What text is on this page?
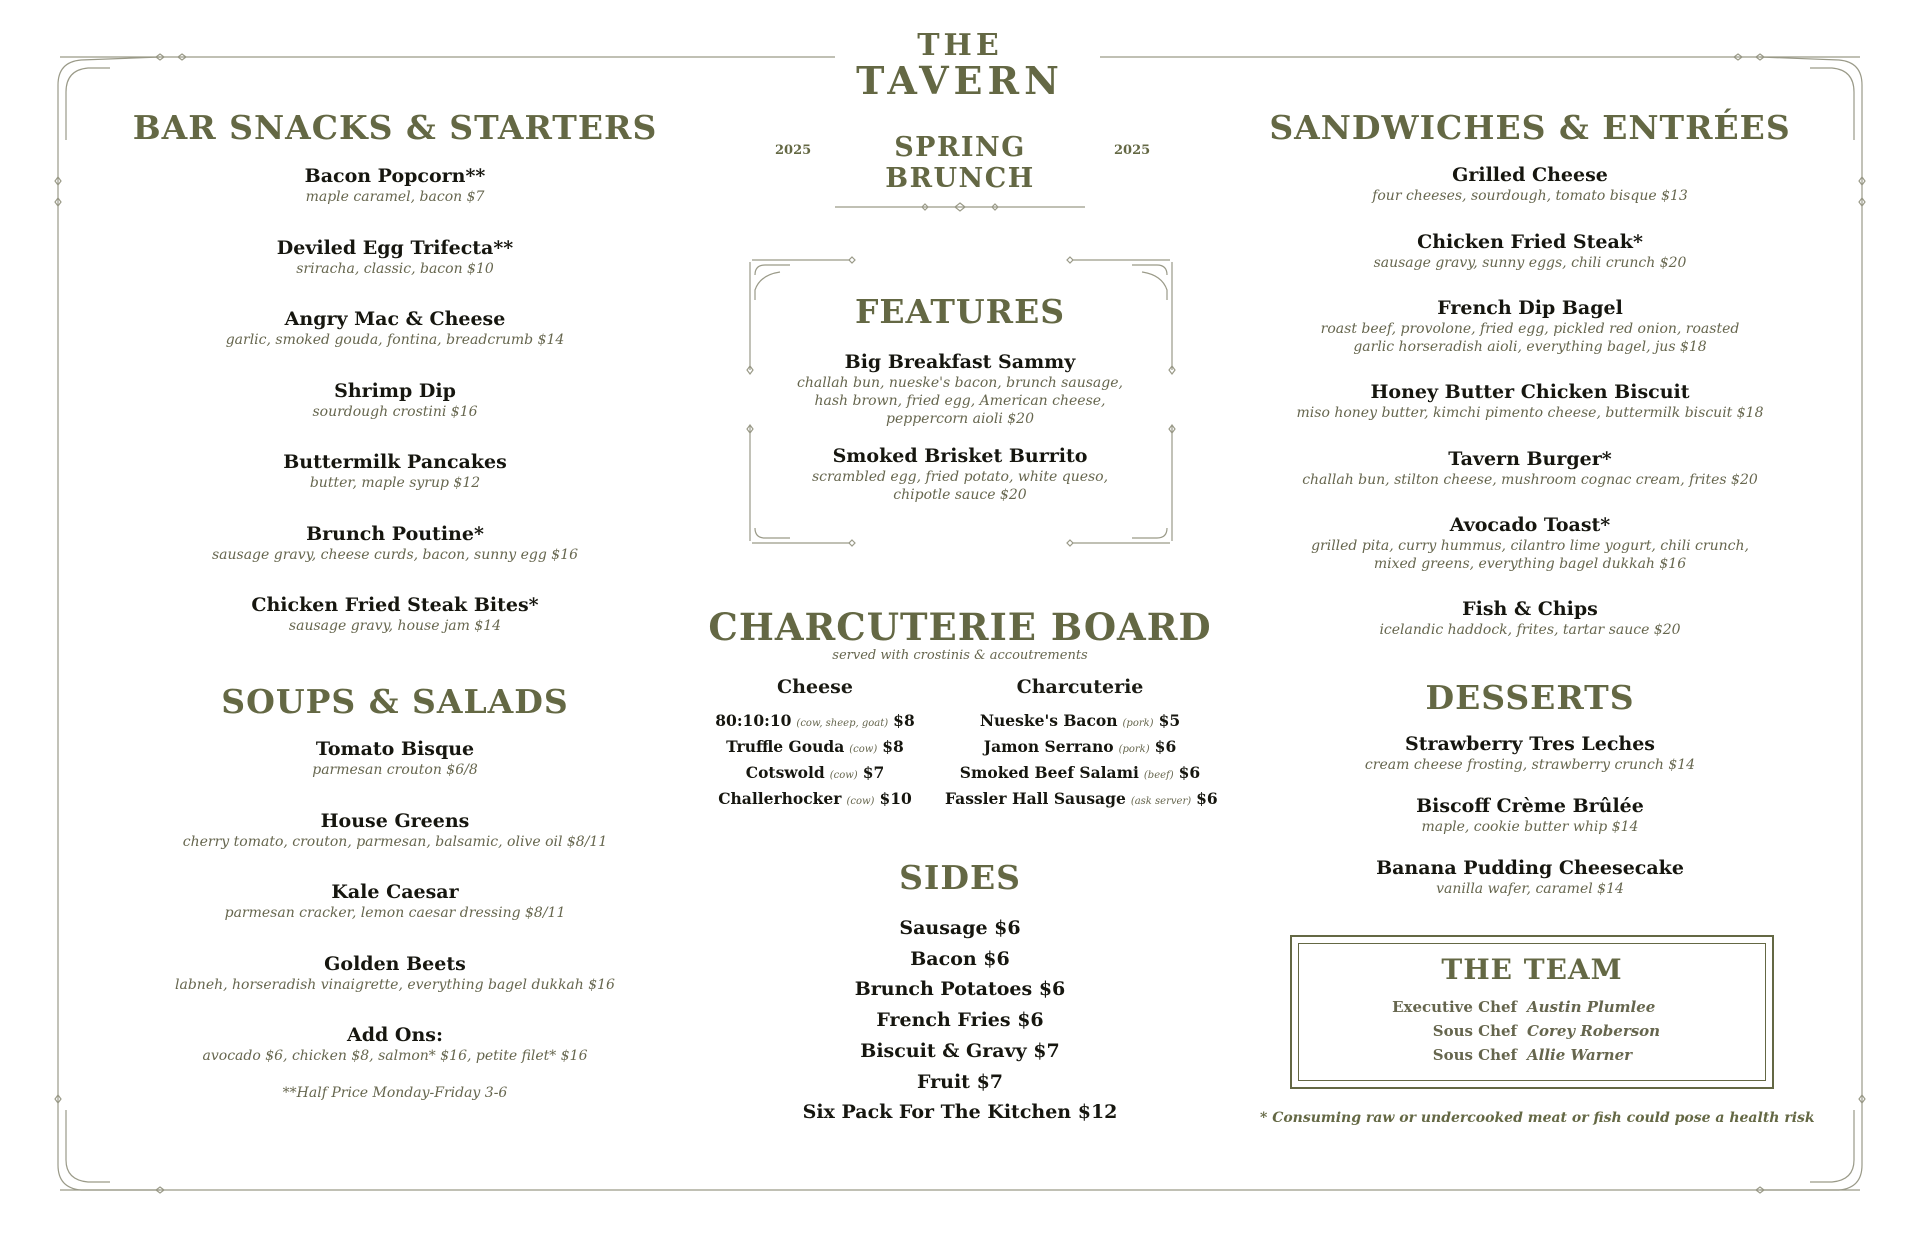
THE
TAVERN
2025	SPRING BRUNCH
2025
BAR SNACKS & STARTERS
Bacon Popcorn**
maple caramel, bacon $7
Deviled Egg Trifecta**
sriracha, classic, bacon $10
Angry Mac & Cheese
garlic, smoked gouda, fontina, breadcrumb $14
Shrimp Dip
sourdough crostini $16
Buttermilk Pancakes
butter, maple syrup $12
Brunch Poutine*
sausage gravy, cheese curds, bacon, sunny egg $16
Chicken Fried Steak Bites*
sausage gravy, house jam $14
SOUPS & SALADS
Tomato Bisque
parmesan crouton $6/8
House Greens
cherry tomato, crouton, parmesan, balsamic, olive oil $8/11
Kale Caesar
parmesan cracker, lemon caesar dressing $8/11
Golden Beets
labneh, horseradish vinaigrette, everything bagel dukkah $16
Add Ons:
avocado $6, chicken $8, salmon* $16, petite filet* $16
**Half Price Monday-Friday 3-6
FEATURES
Big Breakfast Sammy
challah bun, nueske's bacon, brunch sausage,
hash brown, fried egg, American cheese,
peppercorn aioli $20
Smoked Brisket Burrito
scrambled egg, fried potato, white queso,
chipotle sauce $20
CHARCUTERIE BOARD
served with crostinis & accoutrements
Cheese
80:10:10 (cow, sheep, goat) $8
Truffle Gouda (cow) $8
Cotswold (cow) $7
Challerhocker (cow) $10
Charcuterie
Nueske's Bacon (pork) $5
Jamon Serrano (pork) $6
Smoked Beef Salami (beef) $6
Fassler Hall Sausage (ask server) $6
SIDES
Sausage $6
Bacon $6
Brunch Potatoes $6
French Fries $6
Biscuit & Gravy $7
Fruit $7
Six Pack For The Kitchen $12
SANDWICHES & ENTRÉES
Grilled Cheese
four cheeses, sourdough, tomato bisque $13
Chicken Fried Steak*
sausage gravy, sunny eggs, chili crunch $20
French Dip Bagel
roast beef, provolone, fried egg, pickled red onion, roasted
garlic horseradish aioli, everything bagel, jus $18
Honey Butter Chicken Biscuit
miso honey butter, kimchi pimento cheese, buttermilk biscuit $18
Tavern Burger*
challah bun, stilton cheese, mushroom cognac cream, frites $20
Avocado Toast*
grilled pita, curry hummus, cilantro lime yogurt, chili crunch,
mixed greens, everything bagel dukkah $16
Fish & Chips
icelandic haddock, frites, tartar sauce $20
DESSERTS
Strawberry Tres Leches
cream cheese frosting, strawberry crunch $14
Biscoff Crème Brûlée
maple, cookie butter whip $14
Banana Pudding Cheesecake
vanilla wafer, caramel $14
THE TEAM
Executive Chef Austin Plumlee
Sous Chef Corey Roberson
Sous Chef Allie Warner
* Consuming raw or undercooked meat or fish could pose a health risk
